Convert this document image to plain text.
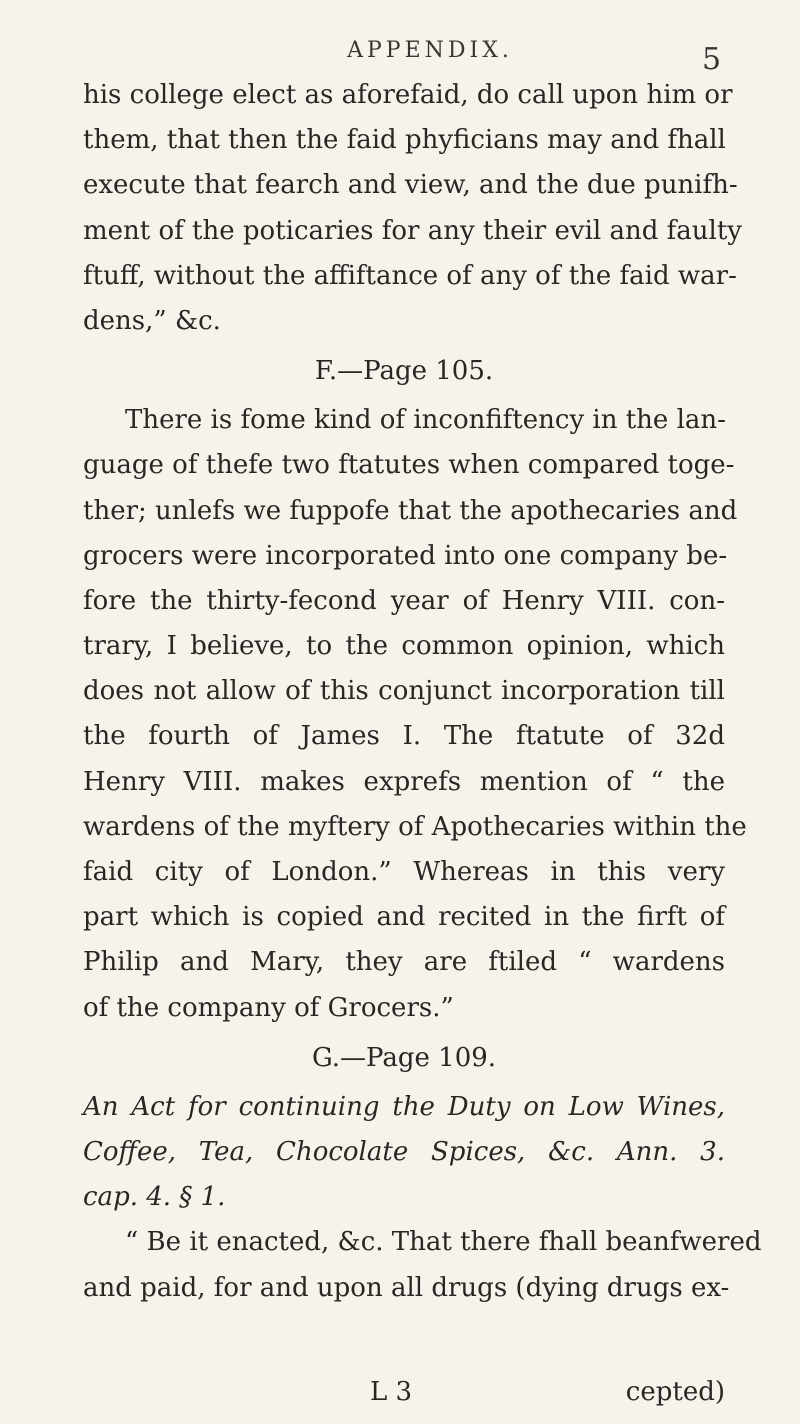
APPENDIX.	5
his college elect as aforefaid, do call upon him or
them, that then the faid phyficians may and fhall
execute that fearch and view, and the due punifh-
ment of the poticaries for any their evil and faulty
ftuff, without the affiftance of any of the faid war-
dens,” &c.
F.—Page 105.
There is fome kind of inconfiftency in the lan-
guage of thefe two ftatutes when compared toge-
ther; unlefs we fuppofe that the apothecaries and
grocers were incorporated into one company be-
fore the thirty-fecond year of Henry VIII. con-
trary, I believe, to the common opinion, which
does not allow of this conjunct incorporation till
the fourth of James I. The ftatute of 32d
Henry VIII. makes exprefs mention of “ the
wardens of the myftery of Apothecaries within the
faid city of London.” Whereas in this very
part which is copied and recited in the firft of
Philip and Mary, they are ftiled “ wardens
of the company of Grocers.”
G.—Page 109.
An Act for continuing the Duty on Low Wines,
Coffee, Tea, Chocolate Spices, &c. Ann. 3.
cap. 4. § 1.
“ Be it enacted, &c. That there fhall beanfwered
and paid, for and upon all drugs (dying drugs ex-
L 3	cepted)
